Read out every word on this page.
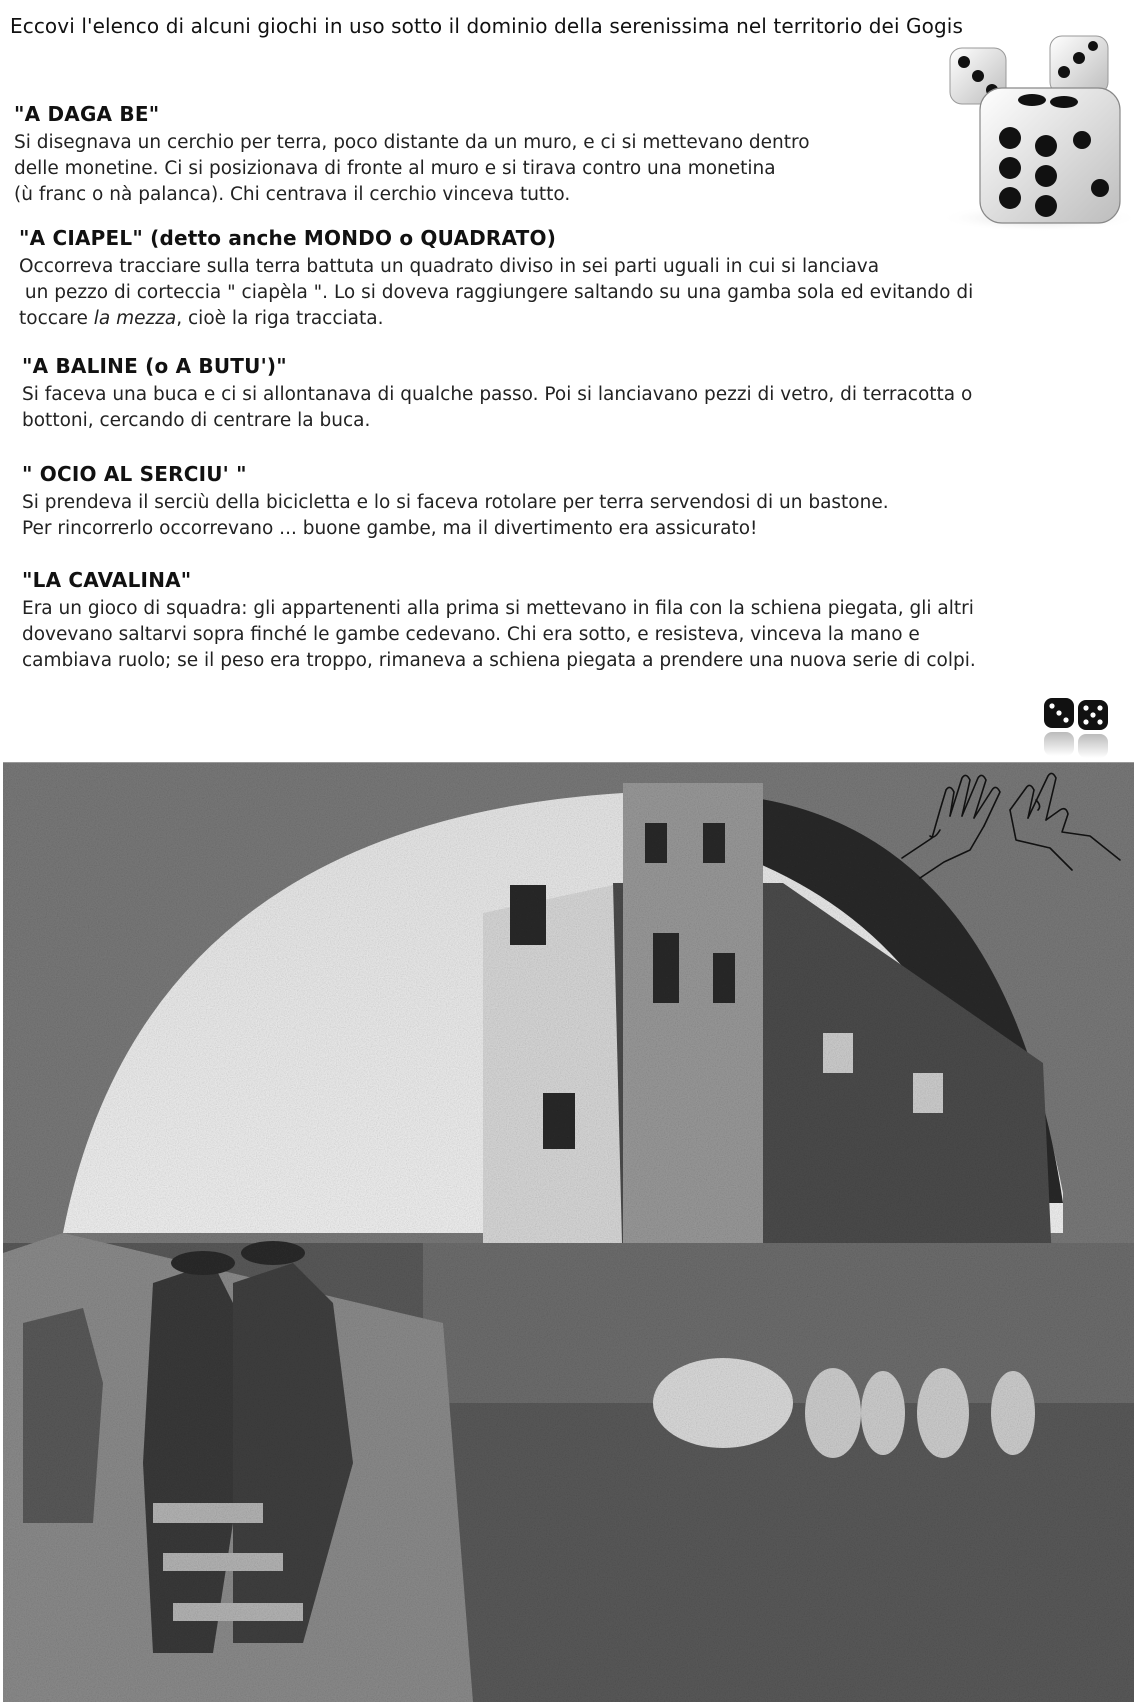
Eccovi l'elenco di alcuni giochi in uso sotto il dominio della serenissima nel territorio dei Gogis
"A DAGA BE"

Si disegnava un cerchio per terra, poco distante da un muro, e ci si mettevano dentro
delle monetine. Ci si posizionava di fronte al muro e si tirava contro una monetina
(ù franc o nà palanca). Chi centrava il cerchio vinceva tutto.

"A CIAPEL" (detto anche MONDO o QUADRATO)

Occorreva tracciare sulla terra battuta un quadrato diviso in sei parti uguali in cui si lanciava
un pezzo di corteccia " ciapèla ". Lo si doveva raggiungere saltando su una gamba sola ed evitando di
toccare la mezza, cioè la riga tracciata.

"A BALINE (o A BUTU')"

Si faceva una buca e ci si allontanava di qualche passo. Poi si lanciavano pezzi di vetro, di terracotta o
bottoni, cercando di centrare la buca.

" OCIO AL SERCIU' "

Si prendeva il serciù della bicicletta e lo si faceva rotolare per terra servendosi di un bastone.
Per rincorrerlo occorrevano ... buone gambe, ma il divertimento era assicurato!

"LA CAVALINA"

Era un gioco di squadra: gli appartenenti alla prima si mettevano in fila con la schiena piegata, gli altri
dovevano saltarvi sopra finché le gambe cedevano. Chi era sotto, e resisteva, vinceva la mano e
cambiava ruolo; se il peso era troppo, rimaneva a schiena piegata a prendere una nuova serie di colpi.
